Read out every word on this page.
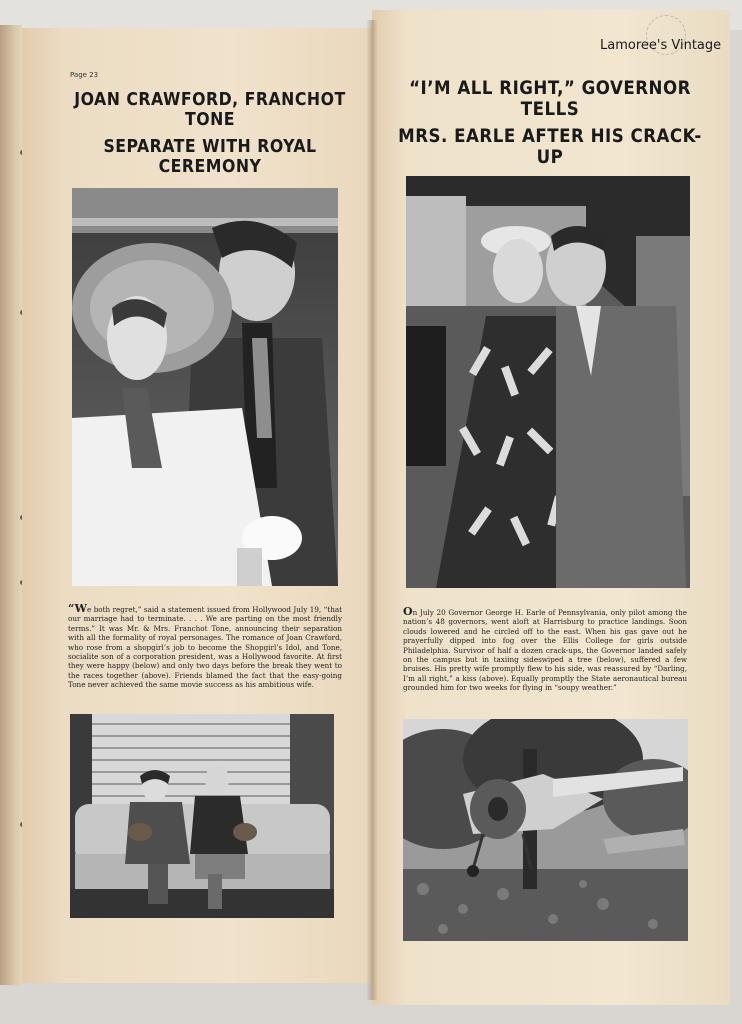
Lamoree's Vintage
Page 23
JOAN CRAWFORD, FRANCHOT TONE
SEPARATE WITH ROYAL CEREMONY

“We both regret,” said a statement issued from Hollywood July 19, “that our marriage had to terminate. . . . We are parting on the most friendly terms.” It was Mr. & Mrs. Franchot Tone, announcing their separation with all the formality of royal personages. The romance of Joan Crawford, who rose from a shopgirl’s job to become the Shopgirl’s Idol, and Tone, socialite son of a corporation president, was a Hollywood favorite. At first they were happy (below) and only two days before the break they went to the races together (above). Friends blamed the fact that the easy-going Tone never achieved the same movie success as his ambitious wife.

“I’M ALL RIGHT,” GOVERNOR TELLS
MRS. EARLE AFTER HIS CRACK-UP

On July 20 Governor George H. Earle of Pennsylvania, only pilot among the nation’s 48 governors, went aloft at Harrisburg to practice landings. Soon clouds lowered and he circled off to the east. When his gas gave out he prayerfully dipped into fog over the Ellis College for girls outside Philadelphia. Survivor of half a dozen crack-ups, the Governor landed safely on the campus but in taxiing sideswiped a tree (below), suffered a few bruises. His pretty wife promptly flew to his side, was reassured by “Darling, I’m all right,” a kiss (above). Equally promptly the State aeronautical bureau grounded him for two weeks for flying in “soupy weather.”
